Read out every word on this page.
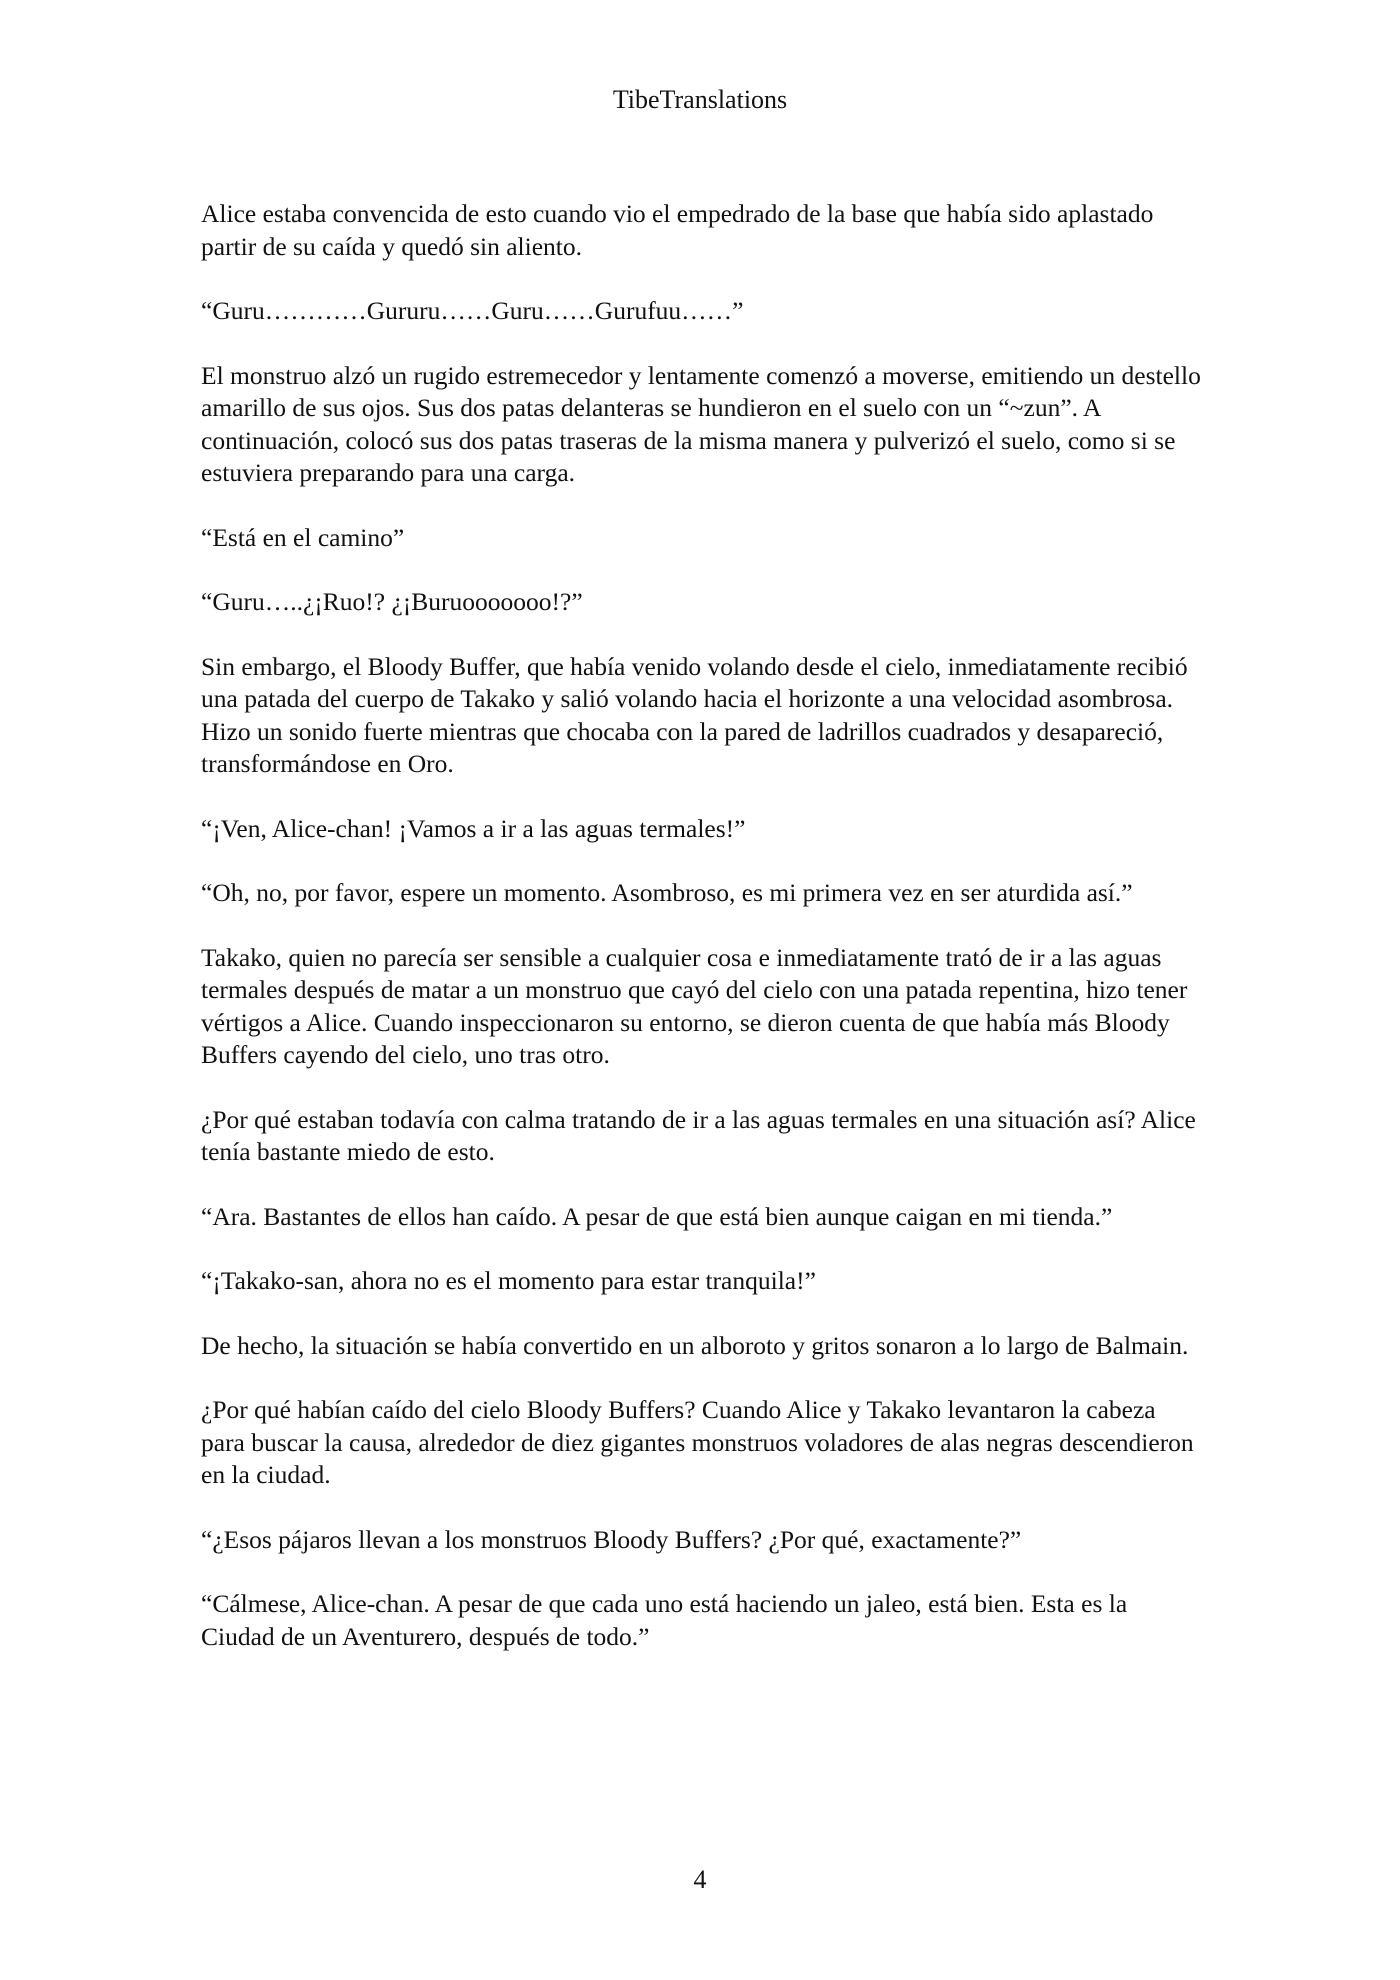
TibeTranslations

Alice estaba convencida de esto cuando vio el empedrado de la base que había sido aplastado partir de su caída y quedó sin aliento.

“Guru…………Gururu……Guru……Gurufuu……”

El monstruo alzó un rugido estremecedor y lentamente comenzó a moverse, emitiendo un destello amarillo de sus ojos. Sus dos patas delanteras se hundieron en el suelo con un “~zun”. A continuación, colocó sus dos patas traseras de la misma manera y pulverizó el suelo, como si se estuviera preparando para una carga.

“Está en el camino”

“Guru…..¿¡Ruo!? ¿¡Buruooooooo!?”

Sin embargo, el Bloody Buffer, que había venido volando desde el cielo, inmediatamente recibió una patada del cuerpo de Takako y salió volando hacia el horizonte a una velocidad asombrosa. Hizo un sonido fuerte mientras que chocaba con la pared de ladrillos cuadrados y desapareció, transformándose en Oro.

“¡Ven, Alice-chan! ¡Vamos a ir a las aguas termales!”

“Oh, no, por favor, espere un momento. Asombroso, es mi primera vez en ser aturdida así.”

Takako, quien no parecía ser sensible a cualquier cosa e inmediatamente trató de ir a las aguas termales después de matar a un monstruo que cayó del cielo con una patada repentina, hizo tener vértigos a Alice. Cuando inspeccionaron su entorno, se dieron cuenta de que había más Bloody Buffers cayendo del cielo, uno tras otro.

¿Por qué estaban todavía con calma tratando de ir a las aguas termales en una situación así? Alice tenía bastante miedo de esto.

“Ara. Bastantes de ellos han caído. A pesar de que está bien aunque caigan en mi tienda.”

“¡Takako-san, ahora no es el momento para estar tranquila!”

De hecho, la situación se había convertido en un alboroto y gritos sonaron a lo largo de Balmain.

¿Por qué habían caído del cielo Bloody Buffers? Cuando Alice y Takako levantaron la cabeza para buscar la causa, alrededor de diez gigantes monstruos voladores de alas negras descendieron en la ciudad.

“¿Esos pájaros llevan a los monstruos Bloody Buffers? ¿Por qué, exactamente?”

“Cálmese, Alice-chan. A pesar de que cada uno está haciendo un jaleo, está bien. Esta es la Ciudad de un Aventurero, después de todo.”

4
